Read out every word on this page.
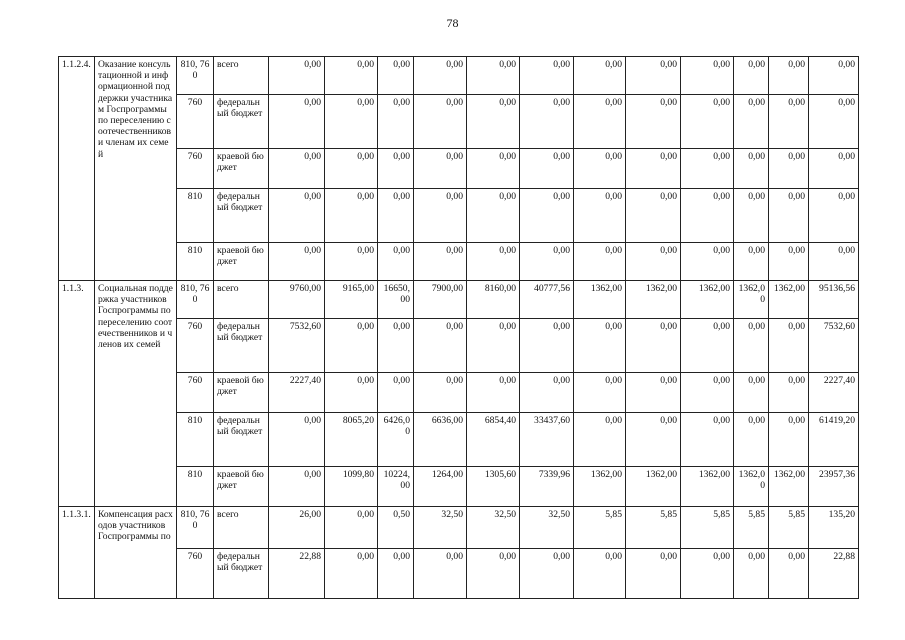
78
1.1.2.4.	Оказание консультационной и информационной поддержки участникам Госпрограммы по переселению соотечественников и членам их семей	810, 760	всего	0,00	0,00	0,00	0,00	0,00	0,00	0,00	0,00	0,00	0,00	0,00	0,00
		760	федеральный бюджет	0,00	0,00	0,00	0,00	0,00	0,00	0,00	0,00	0,00	0,00	0,00	0,00
		760	краевой бюджет	0,00	0,00	0,00	0,00	0,00	0,00	0,00	0,00	0,00	0,00	0,00	0,00
		810	федеральный бюджет	0,00	0,00	0,00	0,00	0,00	0,00	0,00	0,00	0,00	0,00	0,00	0,00
		810	краевой бюджет	0,00	0,00	0,00	0,00	0,00	0,00	0,00	0,00	0,00	0,00	0,00	0,00
1.1.3.	Социальная поддержка участников Госпрограммы по переселению соотечественников и членов их семей	810, 760	всего	9760,00	9165,00	16650,00	7900,00	8160,00	40777,56	1362,00	1362,00	1362,00	1362,00	1362,00	95136,56
		760	федеральный бюджет	7532,60	0,00	0,00	0,00	0,00	0,00	0,00	0,00	0,00	0,00	0,00	7532,60
		760	краевой бюджет	2227,40	0,00	0,00	0,00	0,00	0,00	0,00	0,00	0,00	0,00	0,00	2227,40
		810	федеральный бюджет	0,00	8065,20	6426,00	6636,00	6854,40	33437,60	0,00	0,00	0,00	0,00	0,00	61419,20
		810	краевой бюджет	0,00	1099,80	10224,00	1264,00	1305,60	7339,96	1362,00	1362,00	1362,00	1362,00	1362,00	23957,36
1.1.3.1.	Компенсация расходов участников Госпрограммы по	810, 760	всего	26,00	0,00	0,50	32,50	32,50	32,50	5,85	5,85	5,85	5,85	5,85	135,20
		760	федеральный бюджет	22,88	0,00	0,00	0,00	0,00	0,00	0,00	0,00	0,00	0,00	0,00	22,88
